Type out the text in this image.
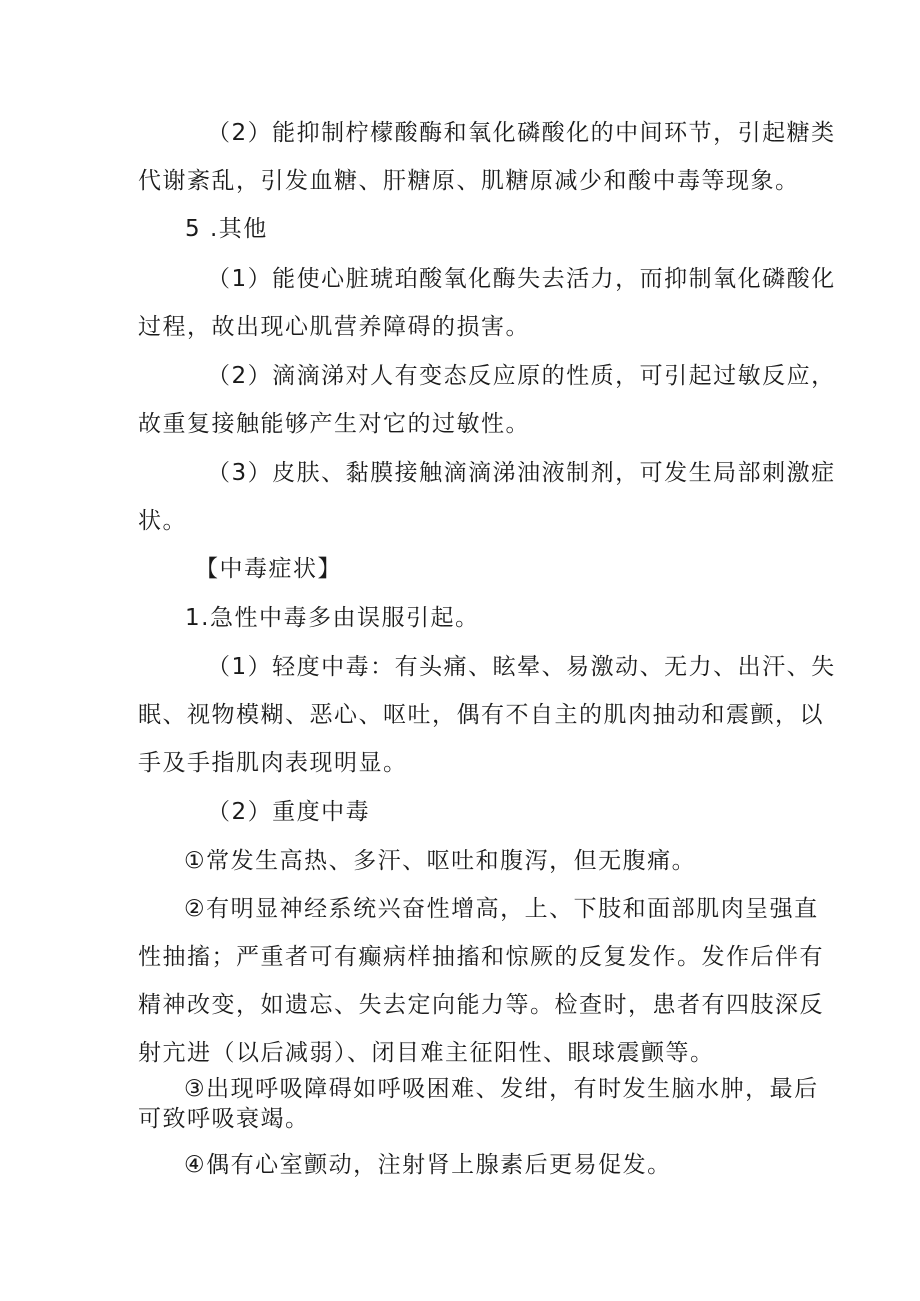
（2）能抑制柠檬酸酶和氧化磷酸化的中间环节，引起糖类
代谢紊乱，引发血糖、肝糖原、肌糖原减少和酸中毒等现象。
5 .其他
（1）能使心脏琥珀酸氧化酶失去活力，而抑制氧化磷酸化
过程，故出现心肌营养障碍的损害。
（2）滴滴涕对人有变态反应原的性质，可引起过敏反应，
故重复接触能够产生对它的过敏性。
（3）皮肤、黏膜接触滴滴涕油液制剂，可发生局部刺激症
状。
【中毒症状】
1.急性中毒多由误服引起。
（1）轻度中毒：有头痛、眩晕、易激动、无力、出汗、失
眠、视物模糊、恶心、呕吐，偶有不自主的肌肉抽动和震颤，以
手及手指肌肉表现明显。
（2）重度中毒
①常发生高热、多汗、呕吐和腹泻，但无腹痛。
②有明显神经系统兴奋性增高，上、下肢和面部肌肉呈强直
性抽搐；严重者可有癫病样抽搐和惊厥的反复发作。发作后伴有
精神改变，如遗忘、失去定向能力等。检查时，患者有四肢深反
射亢进（以后减弱）、闭目难主征阳性、眼球震颤等。
③出现呼吸障碍如呼吸困难、发绀，有时发生脑水肿，最后
可致呼吸衰竭。
④偶有心室颤动，注射肾上腺素后更易促发。
